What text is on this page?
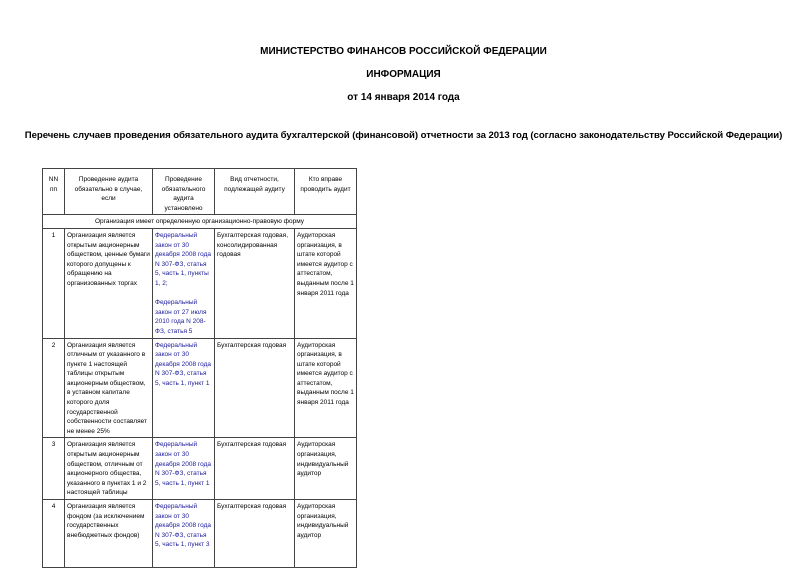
МИНИСТЕРСТВО ФИНАНСОВ РОССИЙСКОЙ ФЕДЕРАЦИИ
ИНФОРМАЦИЯ
от 14 января 2014 года
Перечень случаев проведения обязательного аудита бухгалтерской (финансовой) отчетности за 2013 год (согласно законодательству Российской Федерации)
NN пп	Проведение аудита обязательно в случае, если	Проведение обязательного аудита установлено	Вид отчетности, подлежащей аудиту	Кто вправе проводить аудит
Организация имеет определенную организационно-правовую форму				
1	Организация является открытым акционерным обществом, ценные бумаги которого допущены к обращению на организованных торгах	Федеральный закон от 30 декабря 2008 года N 307-ФЗ, статья 5, часть 1, пункты 1, 2;
Федеральный закон от 27 июля 2010 года N 208-ФЗ, статья 5	Бухгалтерская годовая, консолидированная годовая	Аудиторская организация, в штате которой имеется аудитор с аттестатом, выданным после 1 января 2011 года
2	Организация является отличным от указанного в пункте 1 настоящей таблицы открытым акционерным обществом, в уставном капитале которого доля государственной собственности составляет не менее 25%	Федеральный закон от 30 декабря 2008 года N 307-ФЗ, статья 5, часть 1, пункт 1	Бухгалтерская годовая	Аудиторская организация, в штате которой имеется аудитор с аттестатом, выданным после 1 января 2011 года
3	Организация является открытым акционерным обществом, отличным от акционерного общества, указанного в пунктах 1 и 2 настоящей таблицы	Федеральный закон от 30 декабря 2008 года N 307-ФЗ, статья 5, часть 1, пункт 1	Бухгалтерская годовая	Аудиторская организация, индивидуальный аудитор
4	Организация является фондом (за исключением государственных внебюджетных фондов)	Федеральный закон от 30 декабря 2008 года N 307-ФЗ, статья 5, часть 1, пункт 3	Бухгалтерская годовая	Аудиторская организация, индивидуальный аудитор
